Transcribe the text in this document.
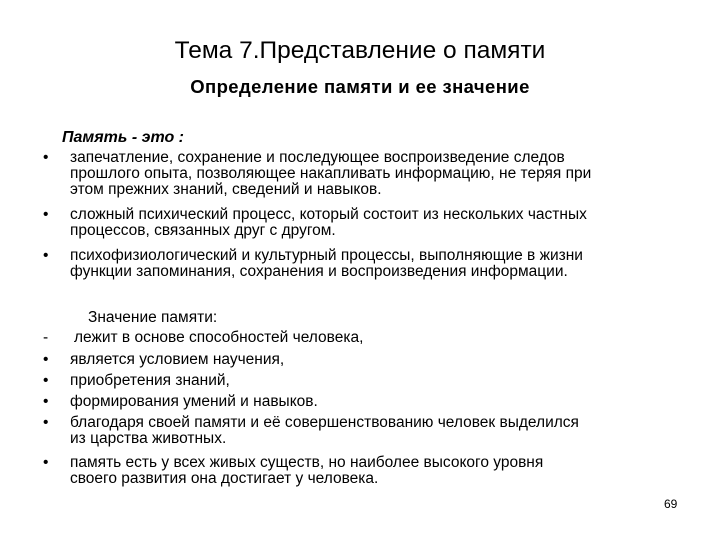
Тема 7.Представление о памяти
Определение памяти и ее значение
Память - это :
•	запечатление, сохранение и последующее воспроизведение следов
прошлого опыта, позволяющее накапливать информацию, не теряя при
этом прежних знаний, сведений и навыков.
•	сложный психический процесс, который состоит из нескольких частных
процессов, связанных друг с другом.
•	психофизиологический и культурный процессы, выполняющие в жизни
функции запоминания, сохранения и воспроизведения информации.
Значение памяти:
-	лежит в основе способностей человека,
•	является условием научения,
•	приобретения знаний,
•	формирования умений и навыков.
•	благодаря своей памяти и её совершенствованию человек выделился
из царства животных.
•	память есть у всех живых существ, но наиболее высокого уровня
своего развития она достигает у человека.
69
